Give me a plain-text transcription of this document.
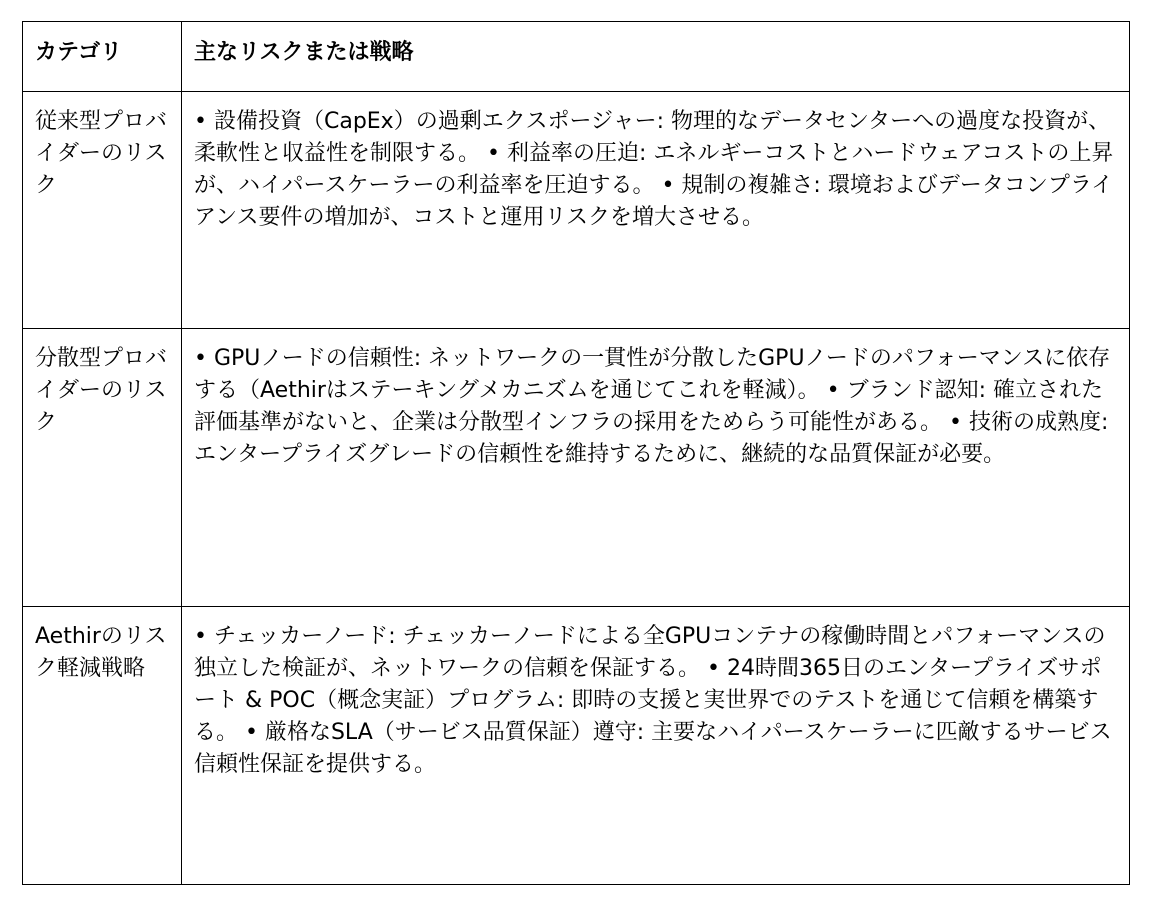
カテゴリ	主なリスクまたは戦略
従来型プロバイダーのリスク	• 設備投資（CapEx）の過剰エクスポージャー: 物理的なデータセンターへの過度な投資が、柔軟性と収益性を制限する。 • 利益率の圧迫: エネルギーコストとハードウェアコストの上昇が、ハイパースケーラーの利益率を圧迫する。 • 規制の複雑さ: 環境およびデータコンプライアンス要件の増加が、コストと運用リスクを増大させる。
分散型プロバイダーのリスク	• GPUノードの信頼性: ネットワークの一貫性が分散したGPUノードのパフォーマンスに依存する（Aethirはステーキングメカニズムを通じてこれを軽減）。 • ブランド認知: 確立された評価基準がないと、企業は分散型インフラの採用をためらう可能性がある。 • 技術の成熟度: エンタープライズグレードの信頼性を維持するために、継続的な品質保証が必要。
Aethirのリスク軽減戦略	• チェッカーノード: チェッカーノードによる全GPUコンテナの稼働時間とパフォーマンスの独立した検証が、ネットワークの信頼を保証する。 • 24時間365日のエンタープライズサポート & POC（概念実証）プログラム: 即時の支援と実世界でのテストを通じて信頼を構築する。 • 厳格なSLA（サービス品質保証）遵守: 主要なハイパースケーラーに匹敵するサービス信頼性保証を提供する。
